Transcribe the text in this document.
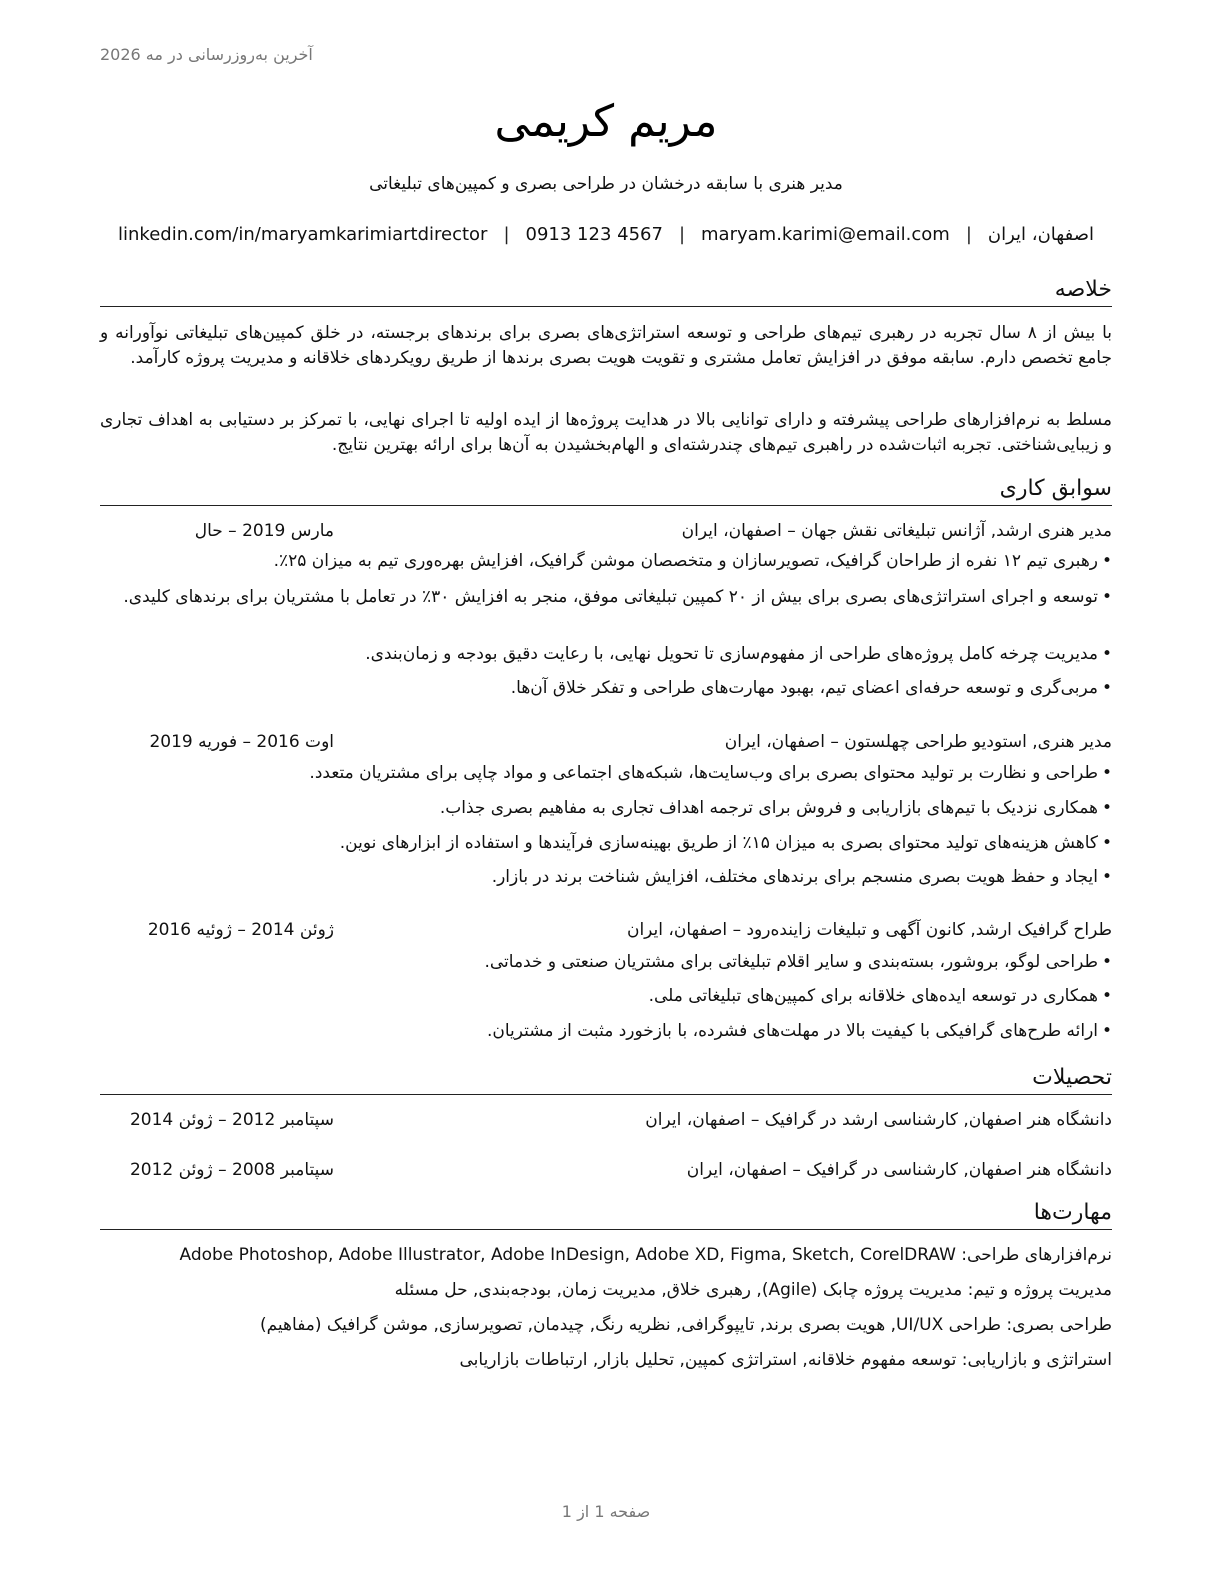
آخرین به‌روزرسانی در مه 2026
مریم کریمی
مدیر هنری با سابقه درخشان در طراحی بصری و کمپین‌های تبلیغاتی
اصفهان، ایران
|
maryam.karimi@email.com
|
0913 123 4567
|
linkedin.com/in/maryamkarimiartdirector
خلاصه
با بیش از ۸ سال تجربه در رهبری تیم‌های طراحی و توسعه استراتژی‌های بصری برای برندهای برجسته، در خلق کمپین‌های تبلیغاتی نوآورانه و جامع تخصص دارم. سابقه موفق در افزایش تعامل مشتری و تقویت هویت بصری برندها از طریق رویکردهای خلاقانه و مدیریت پروژه کارآمد.
مسلط به نرم‌افزارهای طراحی پیشرفته و دارای توانایی بالا در هدایت پروژه‌ها از ایده اولیه تا اجرای نهایی، با تمرکز بر دستیابی به اهداف تجاری و زیبایی‌شناختی. تجربه اثبات‌شده در راهبری تیم‌های چندرشته‌ای و الهام‌بخشیدن به آن‌ها برای ارائه بهترین نتایج.
سوابق کاری
مدیر هنری ارشد, آژانس تبلیغاتی نقش جهان – اصفهان، ایران
مارس 2019 – حال
• رهبری تیم ۱۲ نفره از طراحان گرافیک، تصویرسازان و متخصصان موشن گرافیک، افزایش بهره‌وری تیم به میزان ۲۵٪.
• توسعه و اجرای استراتژی‌های بصری برای بیش از ۲۰ کمپین تبلیغاتی موفق، منجر به افزایش ۳۰٪ در تعامل با مشتریان برای برندهای کلیدی.
• مدیریت چرخه کامل پروژه‌های طراحی از مفهوم‌سازی تا تحویل نهایی، با رعایت دقیق بودجه و زمان‌بندی.
• مربی‌گری و توسعه حرفه‌ای اعضای تیم، بهبود مهارت‌های طراحی و تفکر خلاق آن‌ها.
مدیر هنری, استودیو طراحی چهلستون – اصفهان، ایران
اوت 2016 – فوریه 2019
• طراحی و نظارت بر تولید محتوای بصری برای وب‌سایت‌ها، شبکه‌های اجتماعی و مواد چاپی برای مشتریان متعدد.
• همکاری نزدیک با تیم‌های بازاریابی و فروش برای ترجمه اهداف تجاری به مفاهیم بصری جذاب.
• کاهش هزینه‌های تولید محتوای بصری به میزان ۱۵٪ از طریق بهینه‌سازی فرآیندها و استفاده از ابزارهای نوین.
• ایجاد و حفظ هویت بصری منسجم برای برندهای مختلف، افزایش شناخت برند در بازار.
طراح گرافیک ارشد, کانون آگهی و تبلیغات زاینده‌رود – اصفهان، ایران
ژوئن 2014 – ژوئیه 2016
• طراحی لوگو، بروشور، بسته‌بندی و سایر اقلام تبلیغاتی برای مشتریان صنعتی و خدماتی.
• همکاری در توسعه ایده‌های خلاقانه برای کمپین‌های تبلیغاتی ملی.
• ارائه طرح‌های گرافیکی با کیفیت بالا در مهلت‌های فشرده، با بازخورد مثبت از مشتریان.
تحصیلات
دانشگاه هنر اصفهان, کارشناسی ارشد در گرافیک – اصفهان، ایران
سپتامبر 2012 – ژوئن 2014
دانشگاه هنر اصفهان, کارشناسی در گرافیک – اصفهان، ایران
سپتامبر 2008 – ژوئن 2012
مهارت‌ها
نرم‌افزارهای طراحی: Adobe Photoshop, Adobe Illustrator, Adobe InDesign, Adobe XD, Figma, Sketch, CorelDRAW
مدیریت پروژه و تیم: مدیریت پروژه چابک (Agile), رهبری خلاق, مدیریت زمان, بودجه‌بندی, حل مسئله
طراحی بصری: طراحی UI/UX, هویت بصری برند, تایپوگرافی, نظریه رنگ, چیدمان, تصویرسازی, موشن گرافیک (مفاهیم)
استراتژی و بازاریابی: توسعه مفهوم خلاقانه, استراتژی کمپین, تحلیل بازار, ارتباطات بازاریابی
صفحه 1 از 1
